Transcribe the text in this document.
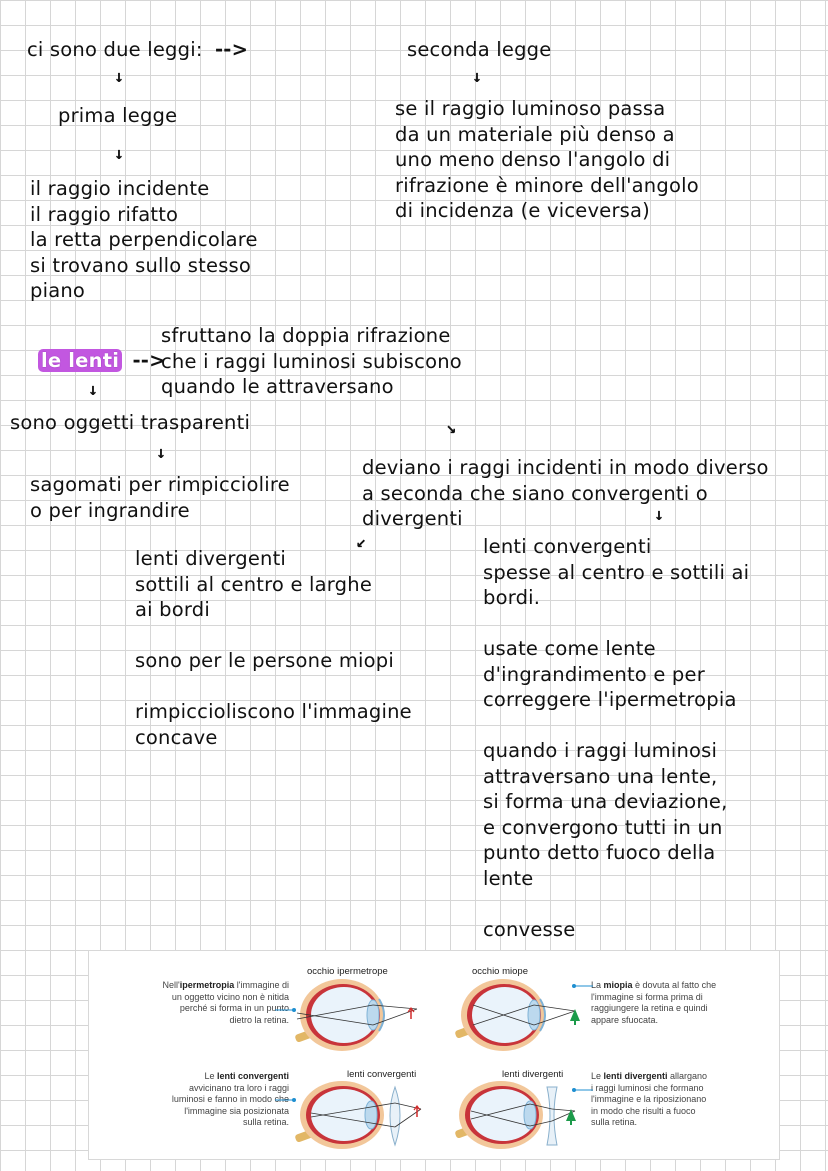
ci sono due leggi: -->

↓

prima legge

↓
il raggio incidente
il raggio rifatto
la retta perpendicolare
si trovano sullo stesso
piano

seconda legge

↓
se il raggio luminoso passa
da un materiale più denso a
uno meno denso l'angolo di
rifrazione è minore dell'angolo
di incidenza (e viceversa)
sfruttano la doppia rifrazione
che i raggi luminosi subiscono
quando le attraversano

le lenti -->

↓

sono oggetti trasparenti

↓
↘
sagomati per rimpicciolire
o per ingrandire
deviano i raggi incidenti in modo diverso
a seconda che siano convergenti o
divergenti
↙
↓
lenti divergenti
sottili al centro e larghe
ai bordi
sono per le persone miopi
rimpiccioliscono l'immagine
concave
lenti convergenti
spesse al centro e sottili ai
bordi.
usate come lente
d'ingrandimento e per
correggere l'ipermetropia
quando i raggi luminosi
attraversano una lente,
si forma una deviazione,
e convergono tutti in un
punto detto fuoco della
lente
convesse
occhio ipermetrope	occhio miope
lenti convergenti	lenti divergenti
Nell'ipermetropia l'immagine di
un oggetto vicino non è nitida
perché si forma in un punto
dietro la retina.
La miopia è dovuta al fatto che
l'immagine si forma prima di
raggiungere la retina e quindi
appare sfuocata.
Le lenti convergenti
avvicinano tra loro i raggi
luminosi e fanno in modo che
l'immagine sia posizionata
sulla retina.
Le lenti divergenti allargano
i raggi luminosi che formano
l'immagine e la riposizionano
in modo che risulti a fuoco
sulla retina.
